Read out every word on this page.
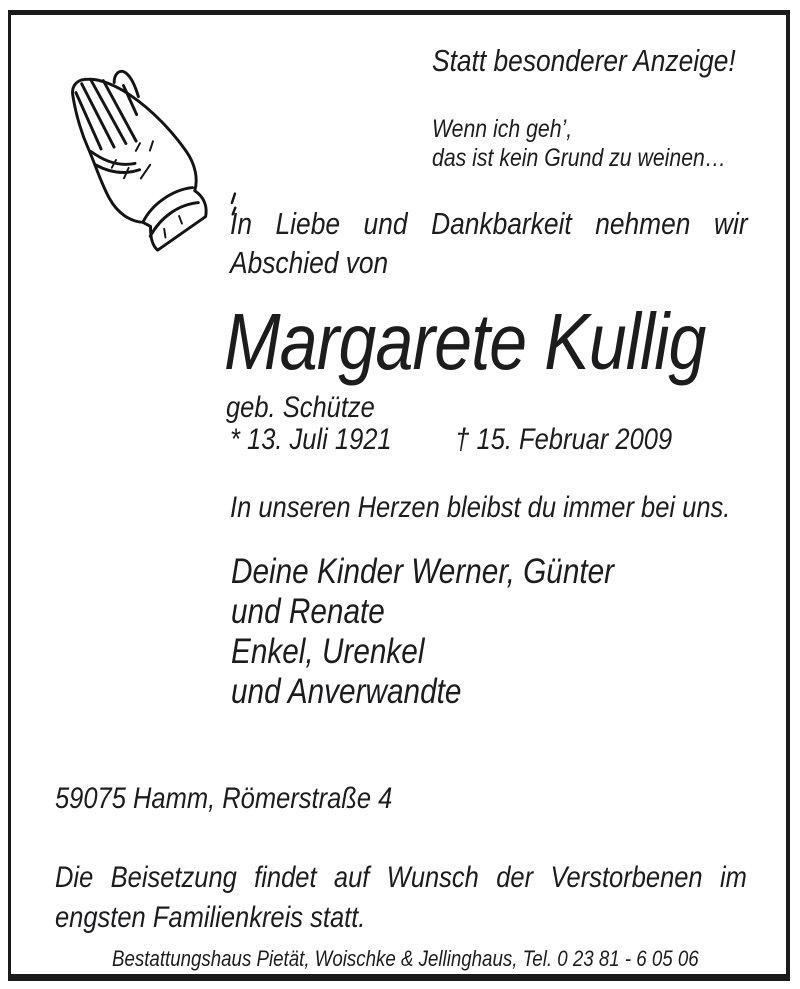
Statt besonderer Anzeige!
Wenn ich geh’,
das ist kein Grund zu weinen…
In Liebe und Dankbarkeit nehmen wir
Abschied von
Margarete Kullig
geb. Schütze
* 13. Juli 1921 † 15. Februar 2009
In unseren Herzen bleibst du immer bei uns.
Deine Kinder Werner, Günter
und Renate
Enkel, Urenkel
und Anverwandte
59075 Hamm, Römerstraße 4
Die Beisetzung findet auf Wunsch der Verstorbenen im
engsten Familienkreis statt.
Bestattungshaus Pietät, Woischke & Jellinghaus, Tel. 0 23 81 - 6 05 06
